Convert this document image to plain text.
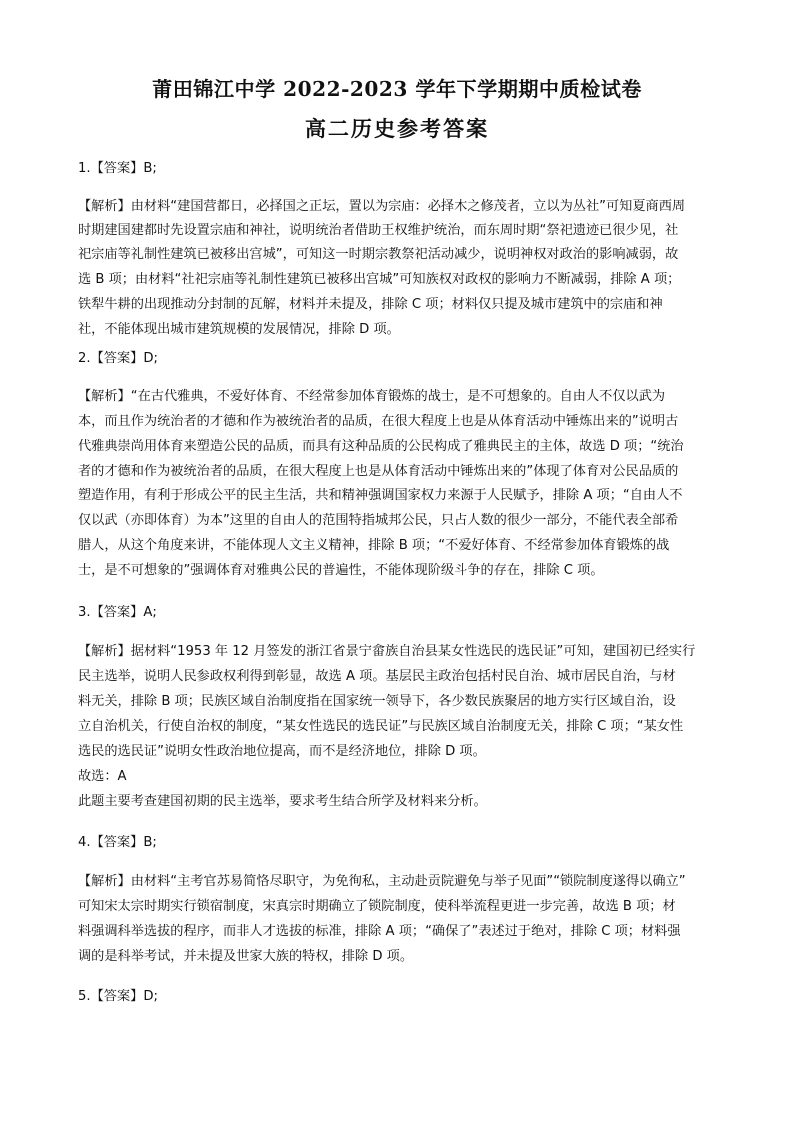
莆田锦江中学 2022-2023 学年下学期期中质检试卷
高二历史参考答案
1.【答案】B;
【解析】由材料“建国营都日，必择国之正坛，置以为宗庙：必择木之修茂者，立以为丛社”可知夏商西周
时期建国建都时先设置宗庙和神社，说明统治者借助王权维护统治，而东周时期“祭祀遗迹已很少见，社
祀宗庙等礼制性建筑已被移出宫城”，可知这一时期宗教祭祀活动减少，说明神权对政治的影响减弱，故
选 B 项；由材料“社祀宗庙等礼制性建筑已被移出宫城”可知族权对政权的影响力不断减弱，排除 A 项；
铁犁牛耕的出现推动分封制的瓦解，材料并未提及，排除 C 项；材料仅只提及城市建筑中的宗庙和神
社，不能体现出城市建筑规模的发展情况，排除 D 项。
2.【答案】D;
【解析】“在古代雅典，不爱好体育、不经常参加体育锻炼的战士，是不可想象的。自由人不仅以武为
本，而且作为统治者的才德和作为被统治者的品质，在很大程度上也是从体育活动中锤炼出来的”说明古
代雅典崇尚用体育来塑造公民的品质，而具有这种品质的公民构成了雅典民主的主体，故选 D 项；“统治
者的才德和作为被统治者的品质，在很大程度上也是从体育活动中锤炼出来的”体现了体育对公民品质的
塑造作用，有利于形成公平的民主生活，共和精神强调国家权力来源于人民赋予，排除 A 项；“自由人不
仅以武（亦即体育）为本”这里的自由人的范围特指城邦公民，只占人数的很少一部分，不能代表全部希
腊人，从这个角度来讲，不能体现人文主义精神，排除 B 项；“不爱好体育、不经常参加体育锻炼的战
士，是不可想象的”强调体育对雅典公民的普遍性，不能体现阶级斗争的存在，排除 C 项。
3.【答案】A;
【解析】据材料“1953 年 12 月签发的浙江省景宁畲族自治县某女性选民的选民证”可知，建国初已经实行
民主选举，说明人民参政权利得到彰显，故选 A 项。基层民主政治包括村民自治、城市居民自治，与材
料无关，排除 B 项；民族区域自治制度指在国家统一领导下，各少数民族聚居的地方实行区域自治，设
立自治机关，行使自治权的制度，“某女性选民的选民证”与民族区域自治制度无关，排除 C 项；“某女性
选民的选民证”说明女性政治地位提高，而不是经济地位，排除 D 项。
故选：A
此题主要考查建国初期的民主选举，要求考生结合所学及材料来分析。
4.【答案】B;
【解析】由材料“主考官苏易简恪尽职守，为免徇私，主动赴贡院避免与举子见面”“锁院制度遂得以确立”
可知宋太宗时期实行锁宿制度，宋真宗时期确立了锁院制度，使科举流程更进一步完善，故选 B 项；材
料强调科举选拔的程序，而非人才选拔的标准，排除 A 项；“确保了”表述过于绝对，排除 C 项；材料强
调的是科举考试，并未提及世家大族的特权，排除 D 项。
5.【答案】D;
